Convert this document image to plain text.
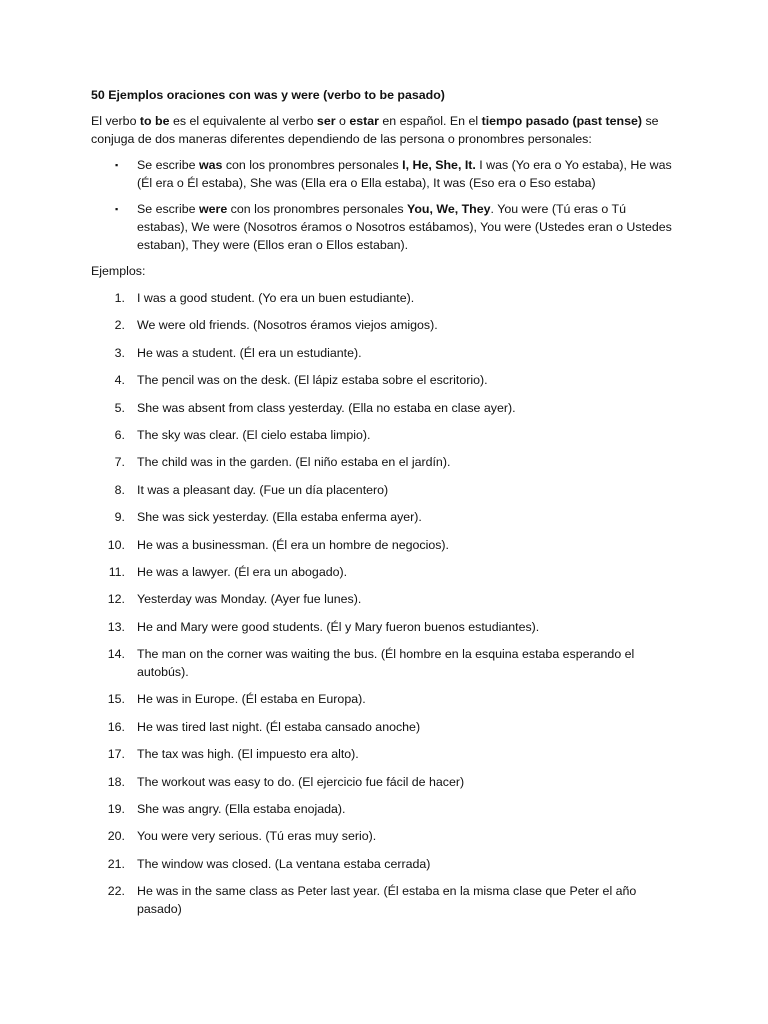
50 Ejemplos oraciones con was y were (verbo to be pasado)

El verbo to be es el equivalente al verbo ser o estar en español. En el tiempo pasado (past tense) se conjuga de dos maneras diferentes dependiendo de las persona o pronombres personales:

▪ Se escribe was con los pronombres personales I, He, She, It. I was (Yo era o Yo estaba), He was (Él era o Él estaba), She was (Ella era o Ella estaba), It was (Eso era o Eso estaba)
▪ Se escribe were con los pronombres personales You, We, They. You were (Tú eras o Tú estabas), We were (Nosotros éramos o Nosotros estábamos), You were (Ustedes eran o Ustedes estaban), They were (Ellos eran o Ellos estaban).

Ejemplos:

1. I was a good student. (Yo era un buen estudiante).
2. We were old friends. (Nosotros éramos viejos amigos).
3. He was a student. (Él era un estudiante).
4. The pencil was on the desk. (El lápiz estaba sobre el escritorio).
5. She was absent from class yesterday. (Ella no estaba en clase ayer).
6. The sky was clear. (El cielo estaba limpio).
7. The child was in the garden. (El niño estaba en el jardín).
8. It was a pleasant day. (Fue un día placentero)
9. She was sick yesterday. (Ella estaba enferma ayer).
10. He was a businessman. (Él era un hombre de negocios).
11. He was a lawyer. (Él era un abogado).
12. Yesterday was Monday. (Ayer fue lunes).
13. He and Mary were good students. (Él y Mary fueron buenos estudiantes).
14. The man on the corner was waiting the bus. (Él hombre en la esquina estaba esperando el autobús).
15. He was in Europe. (Él estaba en Europa).
16. He was tired last night. (Él estaba cansado anoche)
17. The tax was high. (El impuesto era alto).
18. The workout was easy to do. (El ejercicio fue fácil de hacer)
19. She was angry. (Ella estaba enojada).
20. You were very serious. (Tú eras muy serio).
21. The window was closed. (La ventana estaba cerrada)
22. He was in the same class as Peter last year. (Él estaba en la misma clase que Peter el año pasado)
